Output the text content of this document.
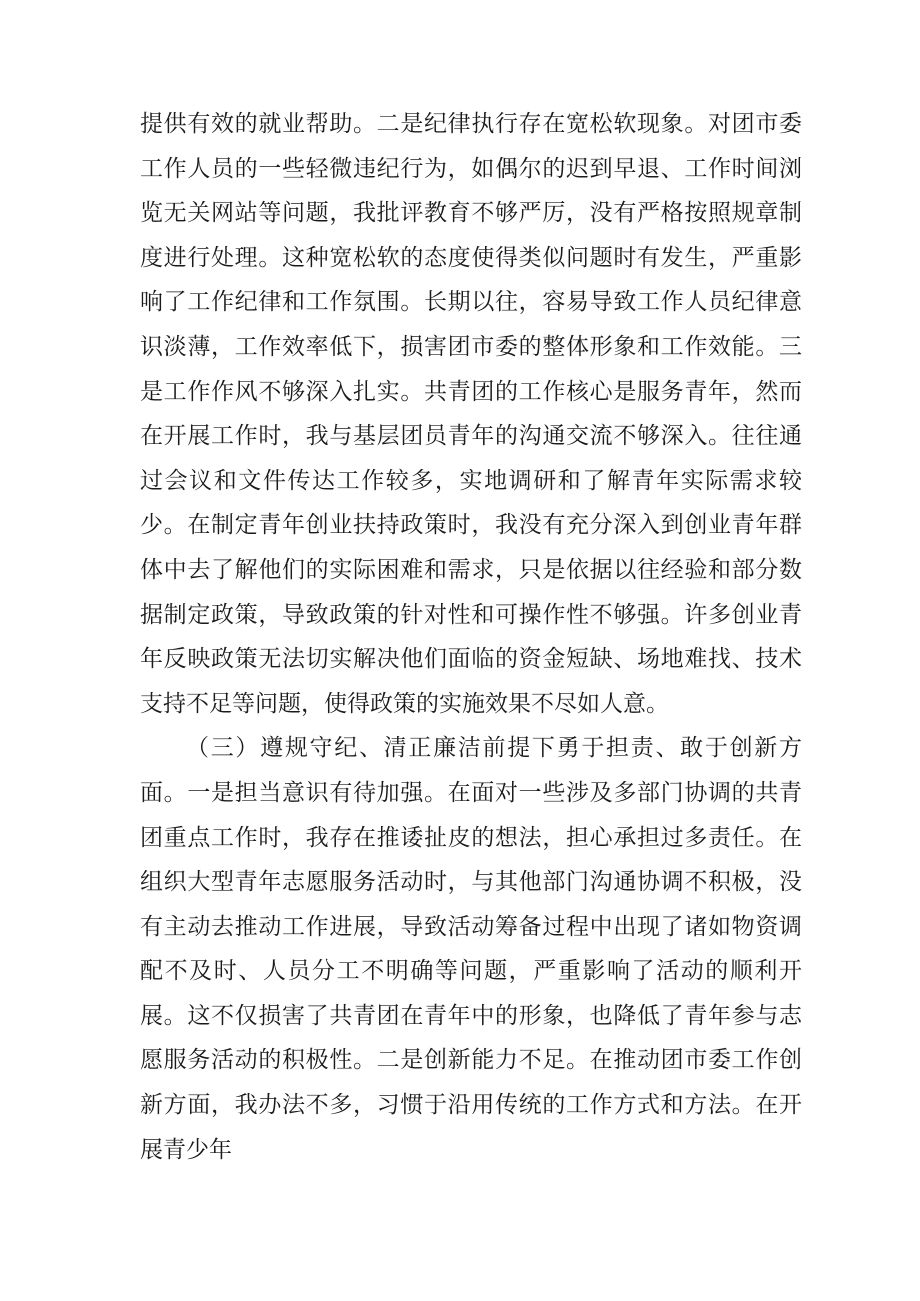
提供有效的就业帮助。二是纪律执行存在宽松软现象。对团市委工作人员的一些轻微违纪行为，如偶尔的迟到早退、工作时间浏览无关网站等问题，我批评教育不够严厉，没有严格按照规章制度进行处理。这种宽松软的态度使得类似问题时有发生，严重影响了工作纪律和工作氛围。长期以往，容易导致工作人员纪律意识淡薄，工作效率低下，损害团市委的整体形象和工作效能。三是工作作风不够深入扎实。共青团的工作核心是服务青年，然而在开展工作时，我与基层团员青年的沟通交流不够深入。往往通过会议和文件传达工作较多，实地调研和了解青年实际需求较少。在制定青年创业扶持政策时，我没有充分深入到创业青年群体中去了解他们的实际困难和需求，只是依据以往经验和部分数据制定政策，导致政策的针对性和可操作性不够强。许多创业青年反映政策无法切实解决他们面临的资金短缺、场地难找、技术支持不足等问题，使得政策的实施效果不尽如人意。

（三）遵规守纪、清正廉洁前提下勇于担责、敢于创新方面。一是担当意识有待加强。在面对一些涉及多部门协调的共青团重点工作时，我存在推诿扯皮的想法，担心承担过多责任。在组织大型青年志愿服务活动时，与其他部门沟通协调不积极，没有主动去推动工作进展，导致活动筹备过程中出现了诸如物资调配不及时、人员分工不明确等问题，严重影响了活动的顺利开展。这不仅损害了共青团在青年中的形象，也降低了青年参与志愿服务活动的积极性。二是创新能力不足。在推动团市委工作创新方面，我办法不多，习惯于沿用传统的工作方式和方法。在开展青少年
